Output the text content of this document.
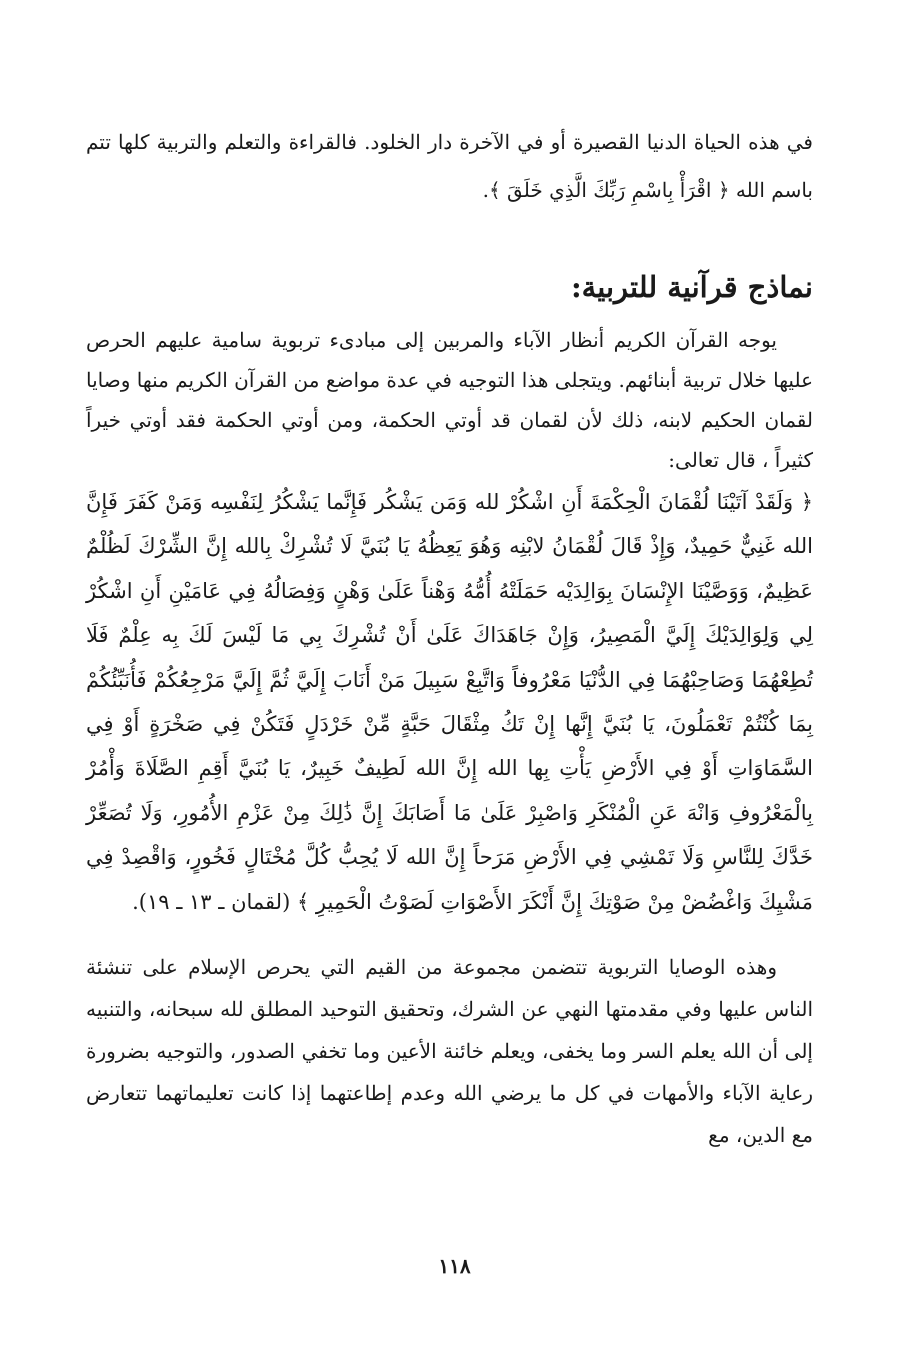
في هذه الحياة الدنيا القصيرة أو في الآخرة دار الخلود. فالقراءة والتعلم والتربية كلها تتم باسم الله ﴿ اقْرَأْ بِاسْمِ رَبِّكَ الَّذِي خَلَقَ ﴾.

نماذج قرآنية للتربية:

يوجه القرآن الكريم أنظار الآباء والمربين إلى مبادىء تربوية سامية عليهم الحرص عليها خلال تربية أبنائهم. ويتجلى هذا التوجيه في عدة مواضع من القرآن الكريم منها وصايا لقمان الحكيم لابنه، ذلك لأن لقمان قد أوتي الحكمة، ومن أوتي الحكمة فقد أوتي خيراً كثيراً ، قال تعالى:

﴿ وَلَقَدْ آتَيْنَا لُقْمَانَ الْحِكْمَةَ أَنِ اشْكُرْ لله وَمَن يَشْكُر فَإِنَّما يَشْكُرُ لِنَفْسِه وَمَنْ كَفَرَ فَإِنَّ الله غَنِيٌّ حَمِيدٌ، وَإِذْ قَالَ لُقْمَانُ لابْنِه وَهُوَ يَعِظُهُ يَا بُنَيَّ لَا تُشْرِكْ بِالله إِنَّ الشِّرْكَ لَظُلْمٌ عَظِيمٌ، وَوَصَّيْنَا الإِنْسَانَ بِوَالِدَيْه حَمَلَتْهُ أُمُّهُ وَهْناً عَلَىٰ وَهْنٍ وَفِصَالُهُ فِي عَامَيْنِ أَنِ اشْكُرْ لِي وَلِوَالِدَيْكَ إِلَيَّ الْمَصِيرُ، وَإِنْ جَاهَدَاكَ عَلَىٰ أَنْ تُشْرِكَ بِي مَا لَيْسَ لَكَ بِه عِلْمٌ فَلَا تُطِعْهُمَا وَصَاحِبْهُمَا فِي الدُّنْيَا مَعْرُوفاً وَاتَّبِعْ سَبِيلَ مَنْ أَنَابَ إِلَيَّ ثُمَّ إِلَيَّ مَرْجِعُكُمْ فَأُنَبِّئُكُمْ بِمَا كُنْتُمْ تَعْمَلُونَ، يَا بُنَيَّ إِنَّها إِنْ تَكُ مِثْقَالَ حَبَّةٍ مِّنْ خَرْدَلٍ فَتَكُنْ فِي صَخْرَةٍ أَوْ فِي السَّمَاوَاتِ أَوْ فِي الأَرْضِ يَأْتِ بِها الله إِنَّ الله لَطِيفٌ خَبِيرٌ، يَا بُنَيَّ أَقِمِ الصَّلَاةَ وَأْمُرْ بِالْمَعْرُوفِ وَانْهَ عَنِ الْمُنْكَرِ وَاصْبِرْ عَلَىٰ مَا أَصَابَكَ إِنَّ ذَٰلِكَ مِنْ عَزْمِ الأُمُورِ، وَلَا تُصَعِّرْ خَدَّكَ لِلنَّاسِ وَلَا تَمْشِي فِي الأَرْضِ مَرَحاً إِنَّ الله لَا يُحِبُّ كُلَّ مُخْتَالٍ فَخُورٍ، وَاقْصِدْ فِي مَشْيِكَ وَاغْضُضْ مِنْ صَوْتِكَ إِنَّ أَنْكَرَ الأَصْوَاتِ لَصَوْتُ الْحَمِيرِ ﴾ (لقمان ـ ١٣ ـ ١٩).

وهذه الوصايا التربوية تتضمن مجموعة من القيم التي يحرص الإسلام على تنشئة الناس عليها وفي مقدمتها النهي عن الشرك، وتحقيق التوحيد المطلق لله سبحانه، والتنبيه إلى أن الله يعلم السر وما يخفى، ويعلم خائنة الأعين وما تخفي الصدور، والتوجيه بضرورة رعاية الآباء والأمهات في كل ما يرضي الله وعدم إطاعتهما إذا كانت تعليماتهما تتعارض مع الدين، مع

١١٨
